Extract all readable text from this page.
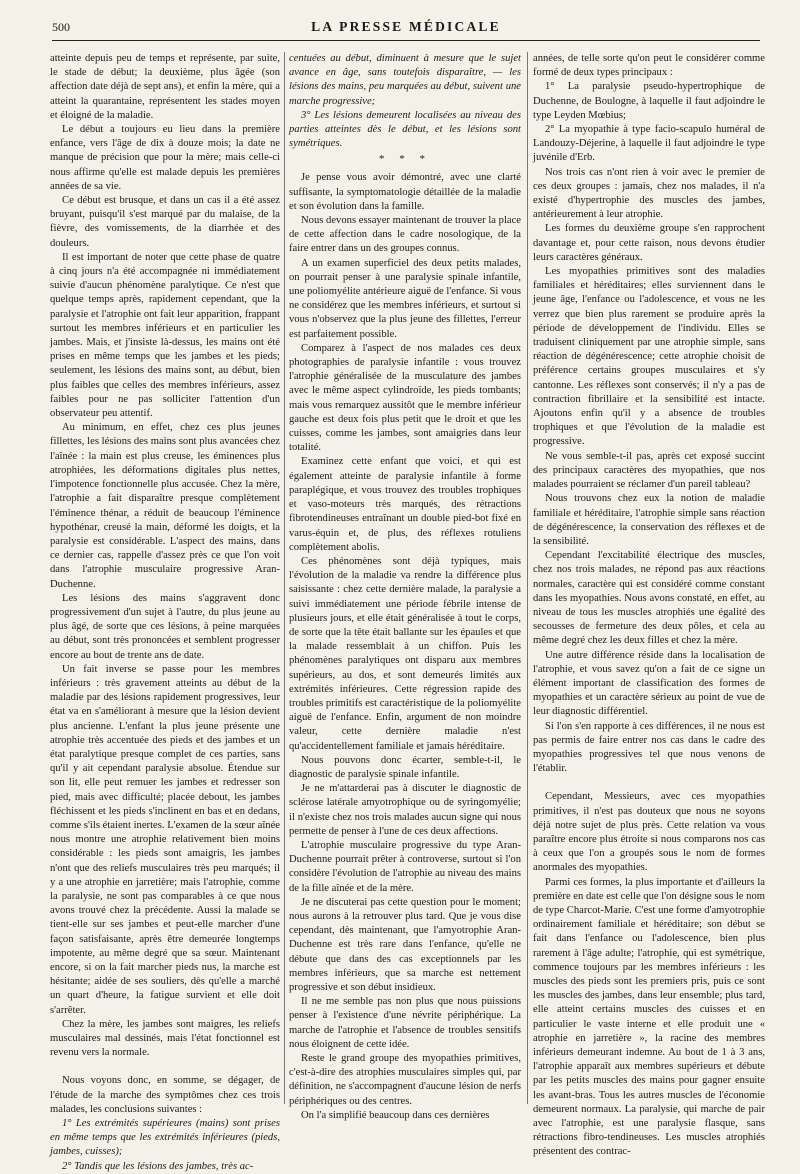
500	LA PRESSE MÉDICALE

atteinte depuis peu de temps et représente, par suite, le stade de début; la deuxième, plus âgée (son affection date déjà de sept ans), et enfin la mère, qui a atteint la quarantaine, représentent les stades moyen et éloigné de la maladie.

Le début a toujours eu lieu dans la première enfance, vers l'âge de dix à douze mois; la date ne manque de précision que pour la mère; mais celle-ci nous affirme qu'elle est malade depuis les premières années de sa vie.

Ce début est brusque, et dans un cas il a été assez bruyant, puisqu'il s'est marqué par du malaise, de la fièvre, des vomissements, de la diarrhée et des douleurs.

Il est important de noter que cette phase de quatre à cinq jours n'a été accompagnée ni immédiatement suivie d'aucun phénomène paralytique. Ce n'est que quelque temps après, rapidement cependant, que la paralysie et l'atrophie ont fait leur apparition, frappant surtout les membres inférieurs et en particulier les jambes. Mais, et j'insiste là-dessus, les mains ont été prises en même temps que les jambes et les pieds; seulement, les lésions des mains sont, au début, bien plus faibles que celles des membres inférieurs, assez faibles pour ne pas solliciter l'attention d'un observateur peu attentif.

Au minimum, en effet, chez ces plus jeunes fillettes, les lésions des mains sont plus avancées chez l'aînée : la main est plus creuse, les éminences plus atrophiées, les déformations digitales plus nettes, l'impotence fonctionnelle plus accusée. Chez la mère, l'atrophie a fait disparaître presque complètement l'éminence thénar, a réduit de beaucoup l'éminence hypothénar, creusé la main, déformé les doigts, et la paralysie est considérable. L'aspect des mains, dans ce dernier cas, rappelle d'assez près ce que l'on voit dans l'atrophie musculaire progressive Aran-Duchenne.

Les lésions des mains s'aggravent donc progressivement d'un sujet à l'autre, du plus jeune au plus âgé, de sorte que ces lésions, à peine marquées au début, sont très prononcées et semblent progresser encore au bout de trente ans de date.

Un fait inverse se passe pour les membres inférieurs : très gravement atteints au début de la maladie par des lésions rapidement progressives, leur état va en s'améliorant à mesure que la lésion devient plus ancienne. L'enfant la plus jeune présente une atrophie très accentuée des pieds et des jambes et un état paralytique presque complet de ces parties, sans qu'il y ait cependant paralysie absolue. Étendue sur son lit, elle peut remuer les jambes et redresser son pied, mais avec difficulté; placée debout, les jambes fléchissent et les pieds s'inclinent en bas et en dedans, comme s'ils étaient inertes. L'examen de la sœur aînée nous montre une atrophie relativement bien moins considérable : les pieds sont amaigris, les jambes n'ont que des reliefs musculaires très peu marqués; il y a une atrophie en jarretière; mais l'atrophie, comme la paralysie, ne sont pas comparables à ce que nous avons trouvé chez la précédente. Aussi la malade se tient-elle sur ses jambes et peut-elle marcher d'une façon satisfaisante, après être demeurée longtemps impotente, au même degré que sa sœur. Maintenant encore, si on la fait marcher pieds nus, la marche est hésitante; aidée de ses souliers, dès qu'elle a marché un quart d'heure, la fatigue survient et elle doit s'arrêter.

Chez la mère, les jambes sont maigres, les reliefs musculaires mal dessinés, mais l'état fonctionnel est revenu vers la normale.

Nous voyons donc, en somme, se dégager, de l'étude de la marche des symptômes chez ces trois malades, les conclusions suivantes :

1° Les extrémités supérieures (mains) sont prises en même temps que les extrémités inférieures (pieds, jambes, cuisses);

2° Tandis que les lésions des jambes, très ac-

centuées au début, diminuent à mesure que le sujet avance en âge, sans toutefois disparaître, — les lésions des mains, peu marquées au début, suivent une marche progressive;

3° Les lésions demeurent localisées au niveau des parties atteintes dès le début, et les lésions sont symétriques.

* * *

Je pense vous avoir démontré, avec une clarté suffisante, la symptomatologie détaillée de la maladie et son évolution dans la famille.

Nous devons essayer maintenant de trouver la place de cette affection dans le cadre nosologique, de la faire entrer dans un des groupes connus.

A un examen superficiel des deux petits malades, on pourrait penser à une paralysie spinale infantile, une poliomyélite antérieure aiguë de l'enfance. Si vous ne considérez que les membres inférieurs, et surtout si vous n'observez que la plus jeune des fillettes, l'erreur est parfaitement possible.

Comparez à l'aspect de nos malades ces deux photographies de paralysie infantile : vous trouvez l'atrophie généralisée de la musculature des jambes avec le même aspect cylindroïde, les pieds tombants; mais vous remarquez aussitôt que le membre inférieur gauche est deux fois plus petit que le droit et que les cuisses, comme les jambes, sont amaigries dans leur totalité.

Examinez cette enfant que voici, et qui est également atteinte de paralysie infantile à forme paraplégique, et vous trouvez des troubles trophiques et vaso-moteurs très marqués, des rétractions fibrotendineuses entraînant un double pied-bot fixé en varus-équin et, de plus, des réflexes rotuliens complètement abolis.

Ces phénomènes sont déjà typiques, mais l'évolution de la maladie va rendre la différence plus saisissante : chez cette dernière malade, la paralysie a suivi immédiatement une période fébrile intense de plusieurs jours, et elle était généralisée à tout le corps, de sorte que la tête était ballante sur les épaules et que la malade ressemblait à un chiffon. Puis les phénomènes paralytiques ont disparu aux membres supérieurs, au dos, et sont demeurés limités aux extrémités inférieures. Cette régression rapide des troubles primitifs est caractéristique de la poliomyélite aiguë de l'enfance. Enfin, argument de non moindre valeur, cette dernière maladie n'est qu'accidentellement familiale et jamais héréditaire.

Nous pouvons donc écarter, semble-t-il, le diagnostic de paralysie spinale infantile.

Je ne m'attarderai pas à discuter le diagnostic de sclérose latérale amyotrophique ou de syringomyélie; il n'existe chez nos trois malades aucun signe qui nous permette de penser à l'une de ces deux affections.

L'atrophie musculaire progressive du type Aran-Duchenne pourrait prêter à controverse, surtout si l'on considère l'évolution de l'atrophie au niveau des mains de la fille aînée et de la mère.

Je ne discuterai pas cette question pour le moment; nous aurons à la retrouver plus tard. Que je vous dise cependant, dès maintenant, que l'amyotrophie Aran-Duchenne est très rare dans l'enfance, qu'elle ne débute que dans des cas exceptionnels par les membres inférieurs, que sa marche est nettement progressive et son début insidieux.

Il ne me semble pas non plus que nous puissions penser à l'existence d'une névrite périphérique. La marche de l'atrophie et l'absence de troubles sensitifs nous éloignent de cette idée.

Reste le grand groupe des myopathies primitives, c'est-à-dire des atrophies musculaires simples qui, par définition, ne s'accompagnent d'aucune lésion de nerfs périphériques ou des centres.

On l'a simplifié beaucoup dans ces dernières

années, de telle sorte qu'on peut le considérer comme formé de deux types principaux :

1° La paralysie pseudo-hypertrophique de Duchenne, de Boulogne, à laquelle il faut adjoindre le type Leyden Mœbius;

2° La myopathie à type facio-scapulo huméral de Landouzy-Déjerine, à laquelle il faut adjoindre le type juvénile d'Erb.

Nos trois cas n'ont rien à voir avec le premier de ces deux groupes : jamais, chez nos malades, il n'a existé d'hypertrophie des muscles des jambes, antérieurement à leur atrophie.

Les formes du deuxième groupe s'en rapprochent davantage et, pour cette raison, nous devons étudier leurs caractères généraux.

Les myopathies primitives sont des maladies familiales et héréditaires; elles surviennent dans le jeune âge, l'enfance ou l'adolescence, et vous ne les verrez que bien plus rarement se produire après la période de développement de l'individu. Elles se traduisent cliniquement par une atrophie simple, sans réaction de dégénérescence; cette atrophie choisit de préférence certains groupes musculaires et s'y cantonne. Les réflexes sont conservés; il n'y a pas de contraction fibrillaire et la sensibilité est intacte. Ajoutons enfin qu'il y a absence de troubles trophiques et que l'évolution de la maladie est progressive.

Ne vous semble-t-il pas, après cet exposé succint des principaux caractères des myopathies, que nos malades pourraient se réclamer d'un pareil tableau?

Nous trouvons chez eux la notion de maladie familiale et héréditaire, l'atrophie simple sans réaction de dégénérescence, la conservation des réflexes et de la sensibilité.

Cependant l'excitabilité électrique des muscles, chez nos trois malades, ne répond pas aux réactions normales, caractère qui est considéré comme constant dans les myopathies. Nous avons constaté, en effet, au niveau de tous les muscles atrophiés une égalité des secousses de fermeture des deux pôles, et cela au même degré chez les deux filles et chez la mère.

Une autre différence réside dans la localisation de l'atrophie, et vous savez qu'on a fait de ce signe un élément important de classification des formes de myopathies et un caractère sérieux au point de vue de leur diagnostic différentiel.

Si l'on s'en rapporte à ces différences, il ne nous est pas permis de faire entrer nos cas dans le cadre des myopathies progressives tel que nous venons de l'établir.

Cependant, Messieurs, avec ces myopathies primitives, il n'est pas douteux que nous ne soyons déjà notre sujet de plus près. Cette relation va vous paraître encore plus étroite si nous comparons nos cas à ceux que l'on a groupés sous le nom de formes anormales des myopathies.

Parmi ces formes, la plus importante et d'ailleurs la première en date est celle que l'on désigne sous le nom de type Charcot-Marie. C'est une forme d'amyotrophie ordinairement familiale et héréditaire; son début se fait dans l'enfance ou l'adolescence, bien plus rarement à l'âge adulte; l'atrophie, qui est symétrique, commence toujours par les membres inférieurs : les muscles des pieds sont les premiers pris, puis ce sont les muscles des jambes, dans leur ensemble; plus tard, elle atteint certains muscles des cuisses et en particulier le vaste interne et elle produit une « atrophie en jarretière », la racine des membres inférieurs demeurant indemne. Au bout de 1 à 3 ans, l'atrophie apparaît aux membres supérieurs et débute par les petits muscles des mains pour gagner ensuite les avant-bras. Tous les autres muscles de l'économie demeurent normaux. La paralysie, qui marche de pair avec l'atrophie, est une paralysie flasque, sans rétractions fibro-tendineuses. Les muscles atrophiés présentent des contrac-
